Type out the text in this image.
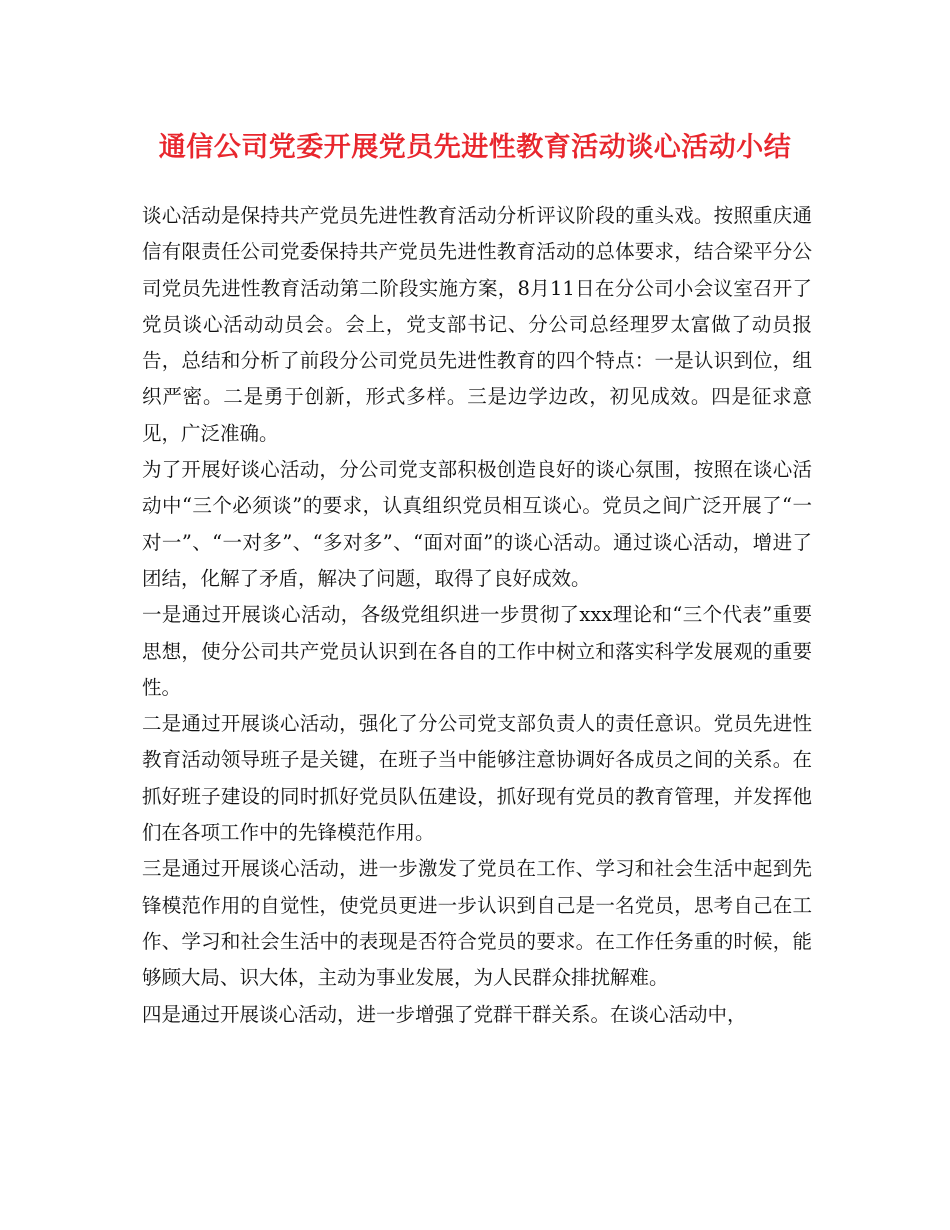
通信公司党委开展党员先进性教育活动谈心活动小结

谈心活动是保持共产党员先进性教育活动分析评议阶段的重头戏。按照重庆通信有限责任公司党委保持共产党员先进性教育活动的总体要求，结合梁平分公司党员先进性教育活动第二阶段实施方案，8月11日在分公司小会议室召开了党员谈心活动动员会。会上，党支部书记、分公司总经理罗太富做了动员报告，总结和分析了前段分公司党员先进性教育的四个特点：一是认识到位，组织严密。二是勇于创新，形式多样。三是边学边改，初见成效。四是征求意见，广泛准确。

为了开展好谈心活动，分公司党支部积极创造良好的谈心氛围，按照在谈心活动中“三个必须谈”的要求，认真组织党员相互谈心。党员之间广泛开展了“一对一”、“一对多”、“多对多”、“面对面”的谈心活动。通过谈心活动，增进了团结，化解了矛盾，解决了问题，取得了良好成效。

一是通过开展谈心活动，各级党组织进一步贯彻了xxx理论和“三个代表”重要思想，使分公司共产党员认识到在各自的工作中树立和落实科学发展观的重要性。

二是通过开展谈心活动，强化了分公司党支部负责人的责任意识。党员先进性教育活动领导班子是关键，在班子当中能够注意协调好各成员之间的关系。在抓好班子建设的同时抓好党员队伍建设，抓好现有党员的教育管理，并发挥他们在各项工作中的先锋模范作用。

三是通过开展谈心活动，进一步激发了党员在工作、学习和社会生活中起到先锋模范作用的自觉性，使党员更进一步认识到自己是一名党员，思考自己在工作、学习和社会生活中的表现是否符合党员的要求。在工作任务重的时候，能够顾大局、识大体，主动为事业发展，为人民群众排扰解难。

四是通过开展谈心活动，进一步增强了党群干群关系。在谈心活动中，
